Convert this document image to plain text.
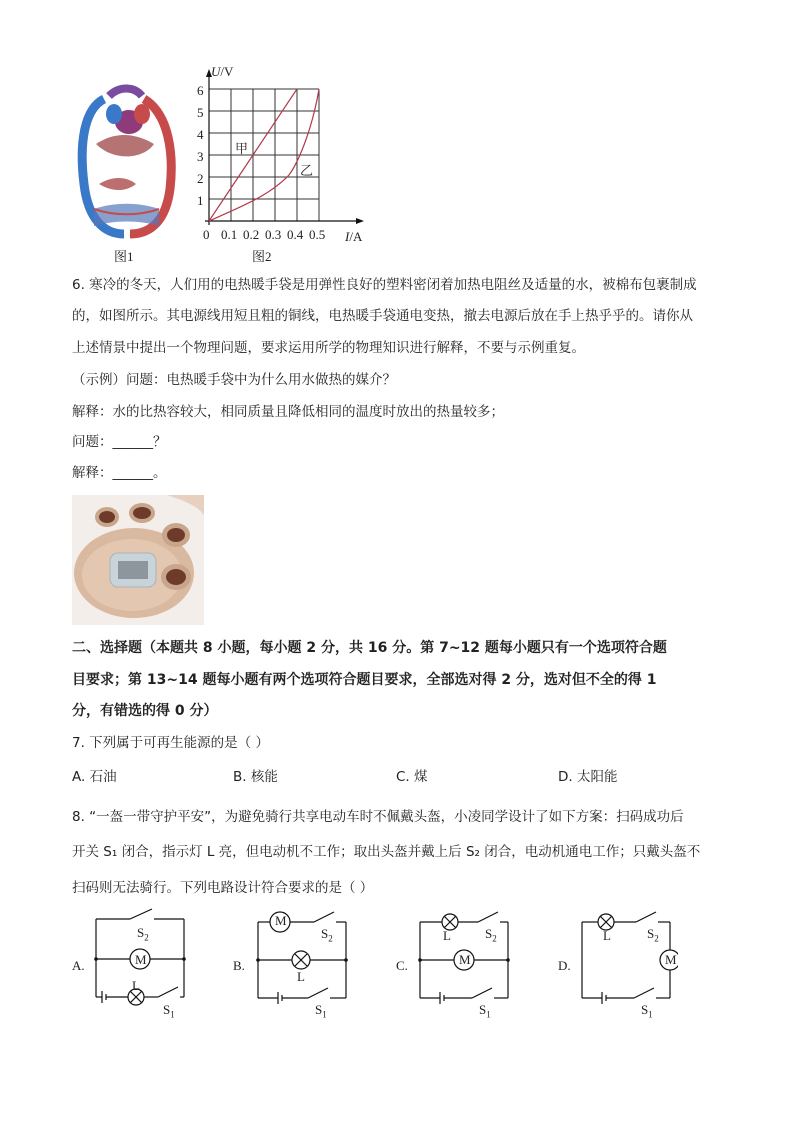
图1
U/V
6
5
4
3
2
1
0 0.1 0.2 0.3 0.4 0.5 I/A
甲
乙
图2
6. 寒冷的冬天，人们用的电热暖手袋是用弹性良好的塑料密闭着加热电阻丝及适量的水，被棉布包裹制成
的，如图所示。其电源线用短且粗的铜线，电热暖手袋通电变热，撤去电源后放在手上热乎乎的。请你从
上述情景中提出一个物理问题，要求运用所学的物理知识进行解释，不要与示例重复。
（示例）问题：电热暖手袋中为什么用水做热的媒介？
解释：水的比热容较大，相同质量且降低相同的温度时放出的热量较多；
问题：______？
解释：______。
二、选择题（本题共 8 小题，每小题 2 分，共 16 分。第 7~12 题每小题只有一个选项符合题
目要求；第 13~14 题每小题有两个选项符合题目要求，全部选对得 2 分，选对但不全的得 1
分，有错选的得 0 分）
7. 下列属于可再生能源的是（ ）
A. 石油	B. 核能	C. 煤	D. 太阳能
8. “一盔一带守护平安”，为避免骑行共享电动车时不佩戴头盔，小凌同学设计了如下方案：扫码成功后
开关 S₁ 闭合，指示灯 L 亮，但电动机不工作；取出头盔并戴上后 S₂ 闭合，电动机通电工作；只戴头盔不
扫码则无法骑行。下列电路设计符合要求的是（ ）
A.	B.	C.	D.
M
L
$S_2$
$S_1$
M
L
$S_2$
$S_1$
L
M
$S_2$
$S_1$
L
M
$S_2$
$S_1$
